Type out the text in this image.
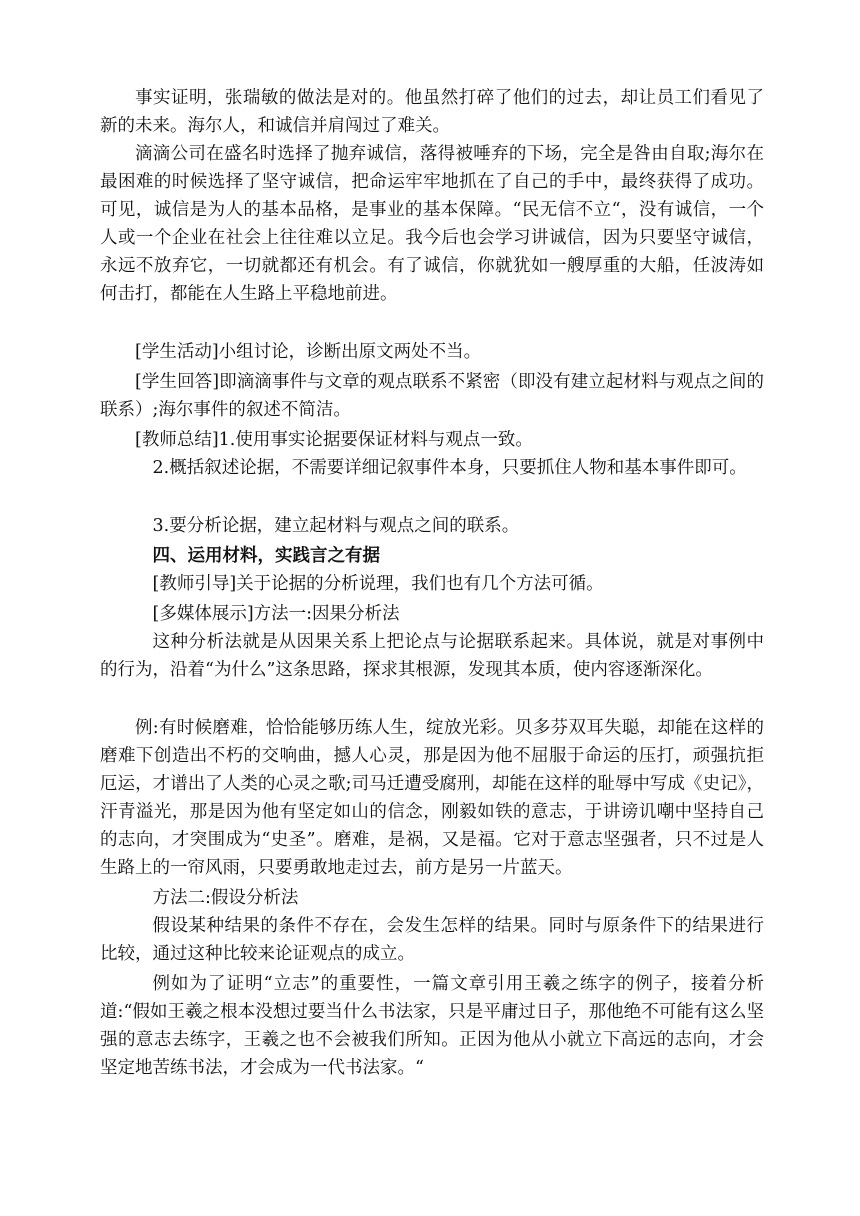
事实证明，张瑞敏的做法是对的。他虽然打碎了他们的过去，却让员工们看见了新的未来。海尔人，和诚信并肩闯过了难关。

滴滴公司在盛名时选择了抛弃诚信，落得被唾弃的下场，完全是咎由自取;海尔在最困难的时候选择了坚守诚信，把命运牢牢地抓在了自己的手中，最终获得了成功。可见，诚信是为人的基本品格，是事业的基本保障。“民无信不立“，没有诚信，一个人或一个企业在社会上往往难以立足。我今后也会学习讲诚信，因为只要坚守诚信，永远不放弃它，一切就都还有机会。有了诚信，你就犹如一艘厚重的大船，任波涛如何击打，都能在人生路上平稳地前进。

[学生活动]小组讨论，诊断出原文两处不当。

[学生回答]即滴滴事件与文章的观点联系不紧密（即没有建立起材料与观点之间的联系）;海尔事件的叙述不简洁。

[教师总结]1.使用事实论据要保证材料与观点一致。

2.概括叙述论据，不需要详细记叙事件本身，只要抓住人物和基本事件即可。

3.要分析论据，建立起材料与观点之间的联系。

四、运用材料，实践言之有据

[教师引导]关于论据的分析说理，我们也有几个方法可循。

[多媒体展示]方法一:因果分析法

这种分析法就是从因果关系上把论点与论据联系起来。具体说，就是对事例中的行为，沿着“为什么”这条思路，探求其根源，发现其本质，使内容逐渐深化。

例:有时候磨难，恰恰能够历练人生，绽放光彩。贝多芬双耳失聪，却能在这样的磨难下创造出不朽的交响曲，撼人心灵，那是因为他不屈服于命运的压打，顽强抗拒厄运，才谱出了人类的心灵之歌;司马迁遭受腐刑，却能在这样的耻辱中写成《史记》，汗青溢光，那是因为他有坚定如山的信念，刚毅如铁的意志，于讲谤讥嘲中坚持自己的志向，才突围成为“史圣”。磨难，是祸，又是福。它对于意志坚强者，只不过是人生路上的一帘风雨，只要勇敢地走过去，前方是另一片蓝天。

方法二:假设分析法

假设某种结果的条件不存在，会发生怎样的结果。同时与原条件下的结果进行比较，通过这种比较来论证观点的成立。

例如为了证明“立志”的重要性，一篇文章引用王羲之练字的例子，接着分析道:“假如王羲之根本没想过要当什么书法家，只是平庸过日子，那他绝不可能有这么坚强的意志去练字，王羲之也不会被我们所知。正因为他从小就立下高远的志向，才会坚定地苦练书法，才会成为一代书法家。“
